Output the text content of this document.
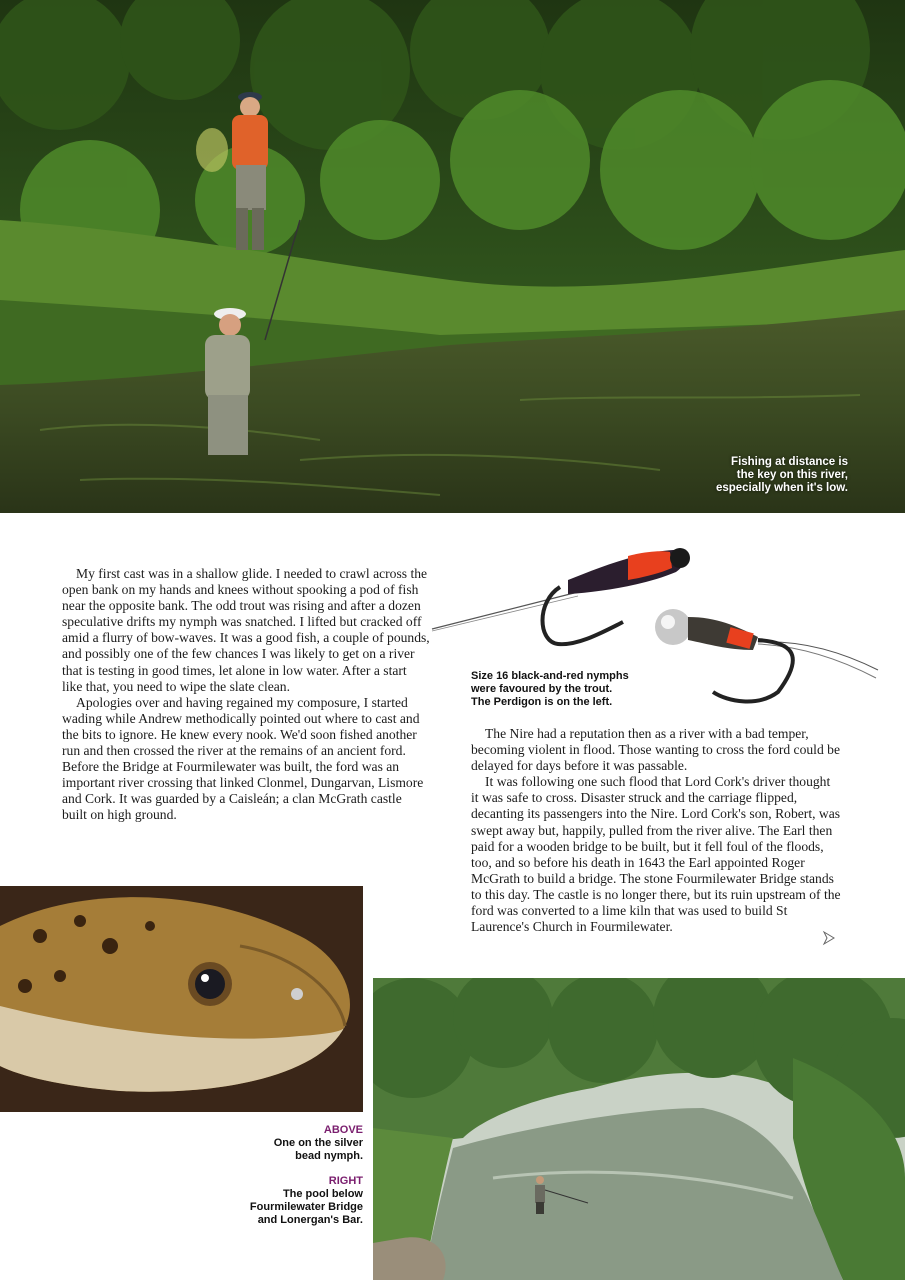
Fishing at distance is
the key on this river,
especially when it's low.

My first cast was in a shallow glide. I needed to crawl across the open bank on my hands and knees without spooking a pod of fish near the opposite bank. The odd trout was rising and after a dozen speculative drifts my nymph was snatched. I lifted but cracked off amid a flurry of bow-waves. It was a good fish, a couple of pounds, and possibly one of the few chances I was likely to get on a river that is testing in good times, let alone in low water. After a start like that, you need to wipe the slate clean.

Apologies over and having regained my composure, I started wading while Andrew methodically pointed out where to cast and the bits to ignore. He knew every nook. We'd soon fished another run and then crossed the river at the remains of an ancient ford. Before the Bridge at Fourmilewater was built, the ford was an important river crossing that linked Clonmel, Dungarvan, Lismore and Cork. It was guarded by a Caisleán; a clan McGrath castle built on high ground.

Size 16 black-and-red nymphs
were favoured by the trout.
The Perdigon is on the left.

The Nire had a reputation then as a river with a bad temper, becoming violent in flood. Those wanting to cross the ford could be delayed for days before it was passable.

It was following one such flood that Lord Cork's driver thought it was safe to cross. Disaster struck and the carriage flipped, decanting its passengers into the Nire. Lord Cork's son, Robert, was swept away but, happily, pulled from the river alive. The Earl then paid for a wooden bridge to be built, but it fell foul of the floods, too, and so before his death in 1643 the Earl appointed Roger McGrath to build a bridge. The stone Fourmilewater Bridge stands to this day. The castle is no longer there, but its ruin upstream of the ford was converted to a lime kiln that was used to build St Laurence's Church in Fourmilewater.

ABOVE
One on the silver
bead nymph.
RIGHT
The pool below
Fourmilewater Bridge
and Lonergan's Bar.
